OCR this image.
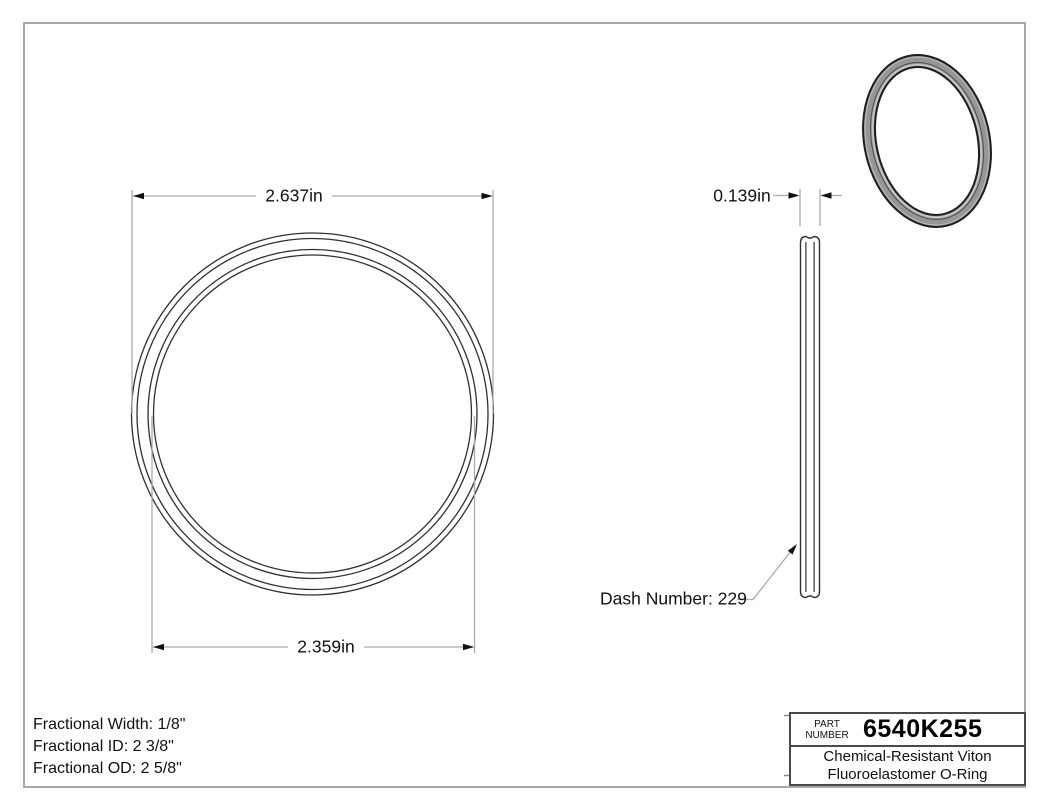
2.637in
2.359in
0.139in
Dash Number: 229
Fractional Width: 1/8"
Fractional ID: 2 3/8"
Fractional OD: 2 5/8"
PART
NUMBER 6540K255
Chemical-Resistant Viton
Fluoroelastomer O-Ring
